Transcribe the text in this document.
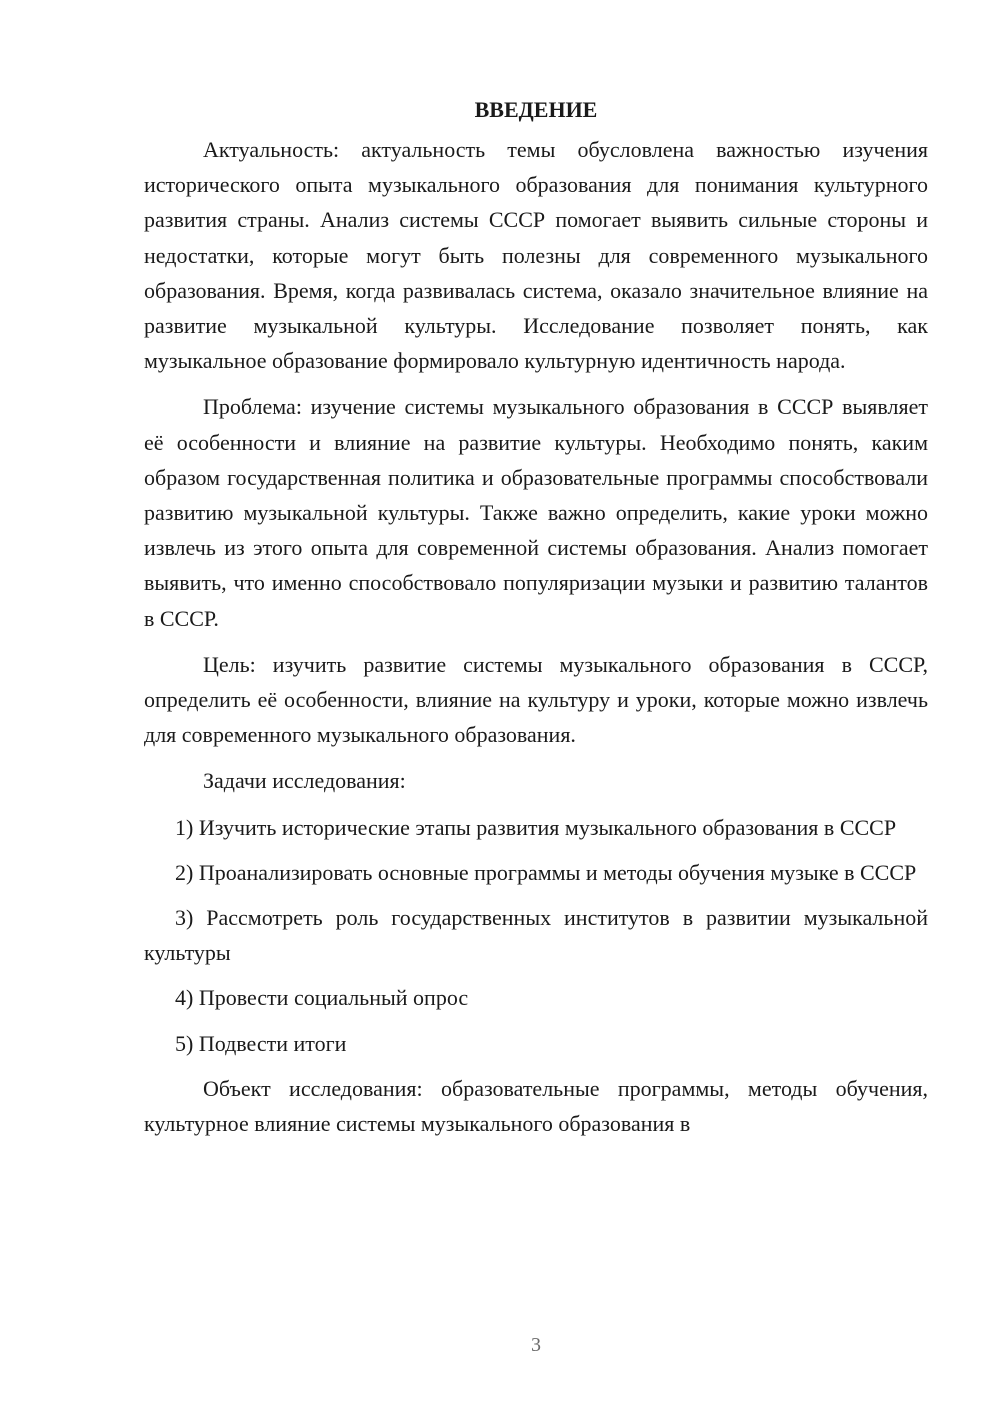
ВВЕДЕНИЕ

Актуальность: актуальность темы обусловлена важностью изучения исторического опыта музыкального образования для понимания культурного развития страны. Анализ системы СССР помогает выявить сильные стороны и недостатки, которые могут быть полезны для современного музыкального образования. Время, когда развивалась система, оказало значительное влияние на развитие музыкальной культуры. Исследование позволяет понять, как музыкальное образование формировало культурную идентичность народа.

Проблема: изучение системы музыкального образования в СССР выявляет её особенности и влияние на развитие культуры. Необходимо понять, каким образом государственная политика и образовательные программы способствовали развитию музыкальной культуры. Также важно определить, какие уроки можно извлечь из этого опыта для современной системы образования. Анализ помогает выявить, что именно способствовало популяризации музыки и развитию талантов в СССР.

Цель: изучить развитие системы музыкального образования в СССР, определить её особенности, влияние на культуру и уроки, которые можно извлечь для современного музыкального образования.

Задачи исследования:

1) Изучить исторические этапы развития музыкального образования в СССР

2) Проанализировать основные программы и методы обучения музыке в СССР

3) Рассмотреть роль государственных институтов в развитии музыкальной культуры

4) Провести социальный опрос

5) Подвести итоги

Объект исследования: образовательные программы, методы обучения, культурное влияние системы музыкального образования в

3
